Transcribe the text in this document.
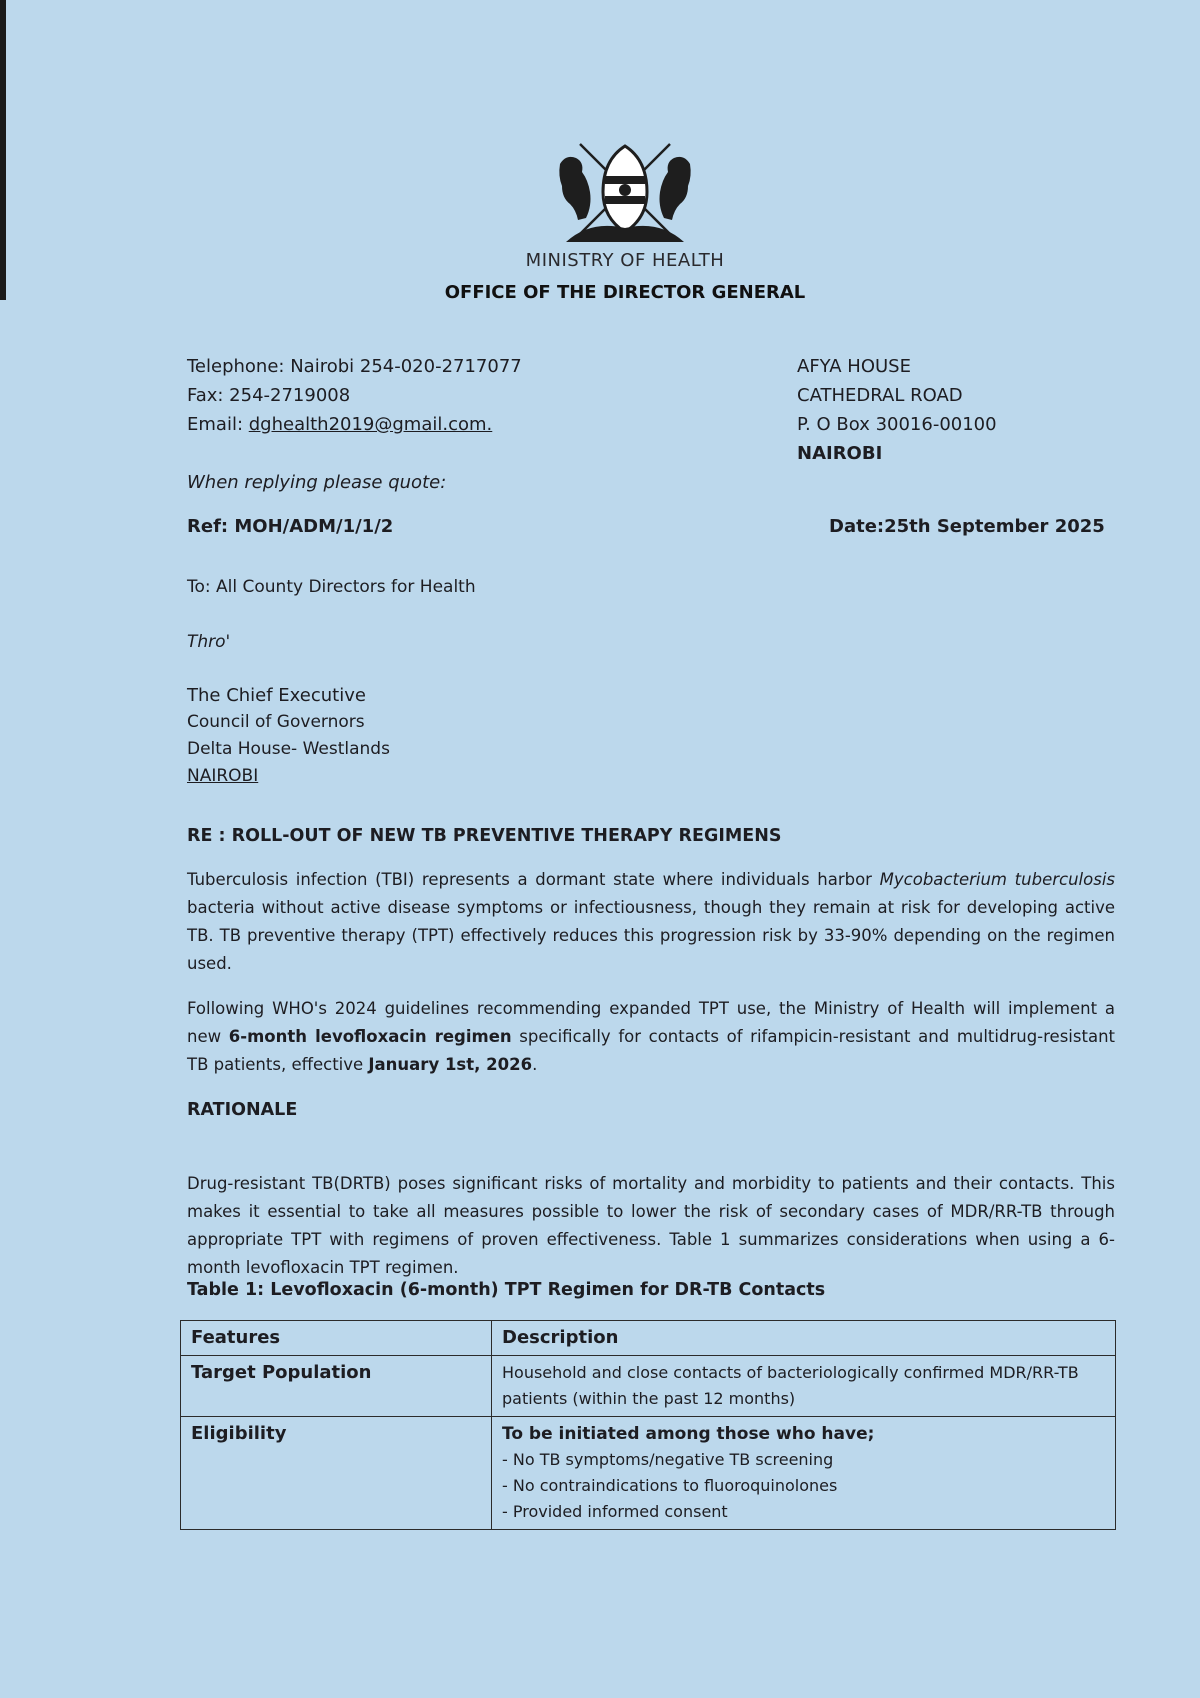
MINISTRY OF HEALTH
OFFICE OF THE DIRECTOR GENERAL
Telephone: Nairobi 254-020-2717077
Fax: 254-2719008
Email: dghealth2019@gmail.com.
AFYA HOUSE
CATHEDRAL ROAD
P. O Box 30016-00100
NAIROBI
When replying please quote:
Ref: MOH/ADM/1/1/2	Date:25th September 2025
To: All County Directors for Health
Thro'
The Chief Executive
Council of Governors
Delta House- Westlands
NAIROBI
RE : ROLL-OUT OF NEW TB PREVENTIVE THERAPY REGIMENS

Tuberculosis infection (TBI) represents a dormant state where individuals harbor Mycobacterium tuberculosis bacteria without active disease symptoms or infectiousness, though they remain at risk for developing active TB. TB preventive therapy (TPT) effectively reduces this progression risk by 33-90% depending on the regimen used.

Following WHO's 2024 guidelines recommending expanded TPT use, the Ministry of Health will implement a new 6-month levofloxacin regimen specifically for contacts of rifampicin-resistant and multidrug-resistant TB patients, effective January 1st, 2026.

RATIONALE

Drug-resistant TB(DRTB) poses significant risks of mortality and morbidity to patients and their contacts. This makes it essential to take all measures possible to lower the risk of secondary cases of MDR/RR-TB through appropriate TPT with regimens of proven effectiveness. Table 1 summarizes considerations when using a 6-month levofloxacin TPT regimen.

Table 1: Levofloxacin (6-month) TPT Regimen for DR-TB Contacts
Features	Description
Target Population	Household and close contacts of bacteriologically confirmed MDR/RR-TB patients (within the past 12 months)
Eligibility	To be initiated among those who have;
- No TB symptoms/negative TB screening
- No contraindications to fluoroquinolones
- Provided informed consent
